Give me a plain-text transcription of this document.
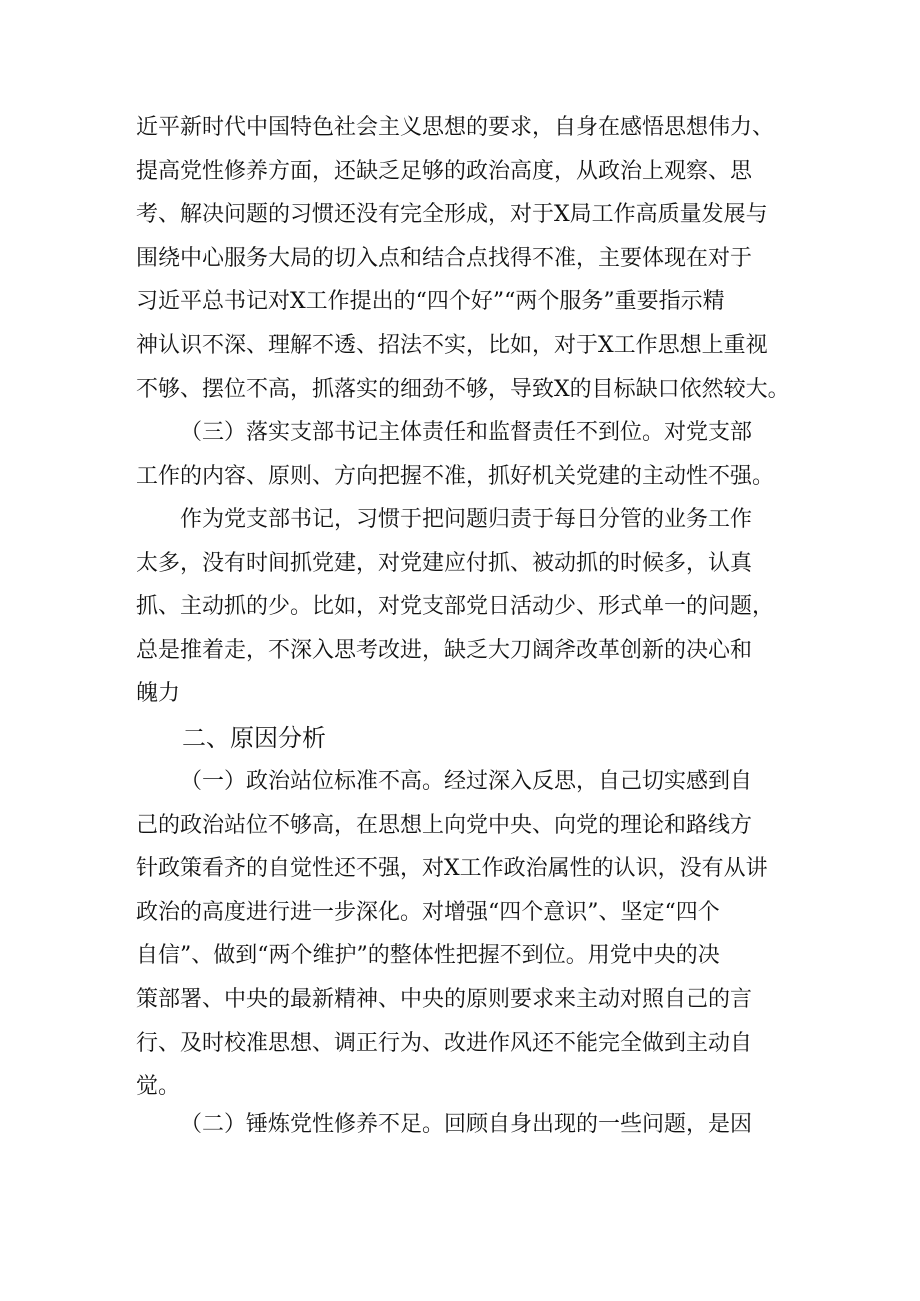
近平新时代中国特色社会主义思想的要求，自身在感悟思想伟力、
提高党性修养方面，还缺乏足够的政治高度，从政治上观察、思
考、解决问题的习惯还没有完全形成，对于X局工作高质量发展与
围绕中心服务大局的切入点和结合点找得不准，主要体现在对于
习近平总书记对X工作提出的“四个好”“两个服务”重要指示精
神认识不深、理解不透、招法不实，比如，对于X工作思想上重视
不够、摆位不高，抓落实的细劲不够，导致X的目标缺口依然较大。
（三）落实支部书记主体责任和监督责任不到位。对党支部
工作的内容、原则、方向把握不准，抓好机关党建的主动性不强。
作为党支部书记，习惯于把问题归责于每日分管的业务工作
太多，没有时间抓党建，对党建应付抓、被动抓的时候多，认真
抓、主动抓的少。比如，对党支部党日活动少、形式单一的问题，
总是推着走，不深入思考改进，缺乏大刀阔斧改革创新的决心和
魄力
二、原因分析
（一）政治站位标准不高。经过深入反思，自己切实感到自
己的政治站位不够高，在思想上向党中央、向党的理论和路线方
针政策看齐的自觉性还不强，对X工作政治属性的认识，没有从讲
政治的高度进行进一步深化。对增强“四个意识”、坚定“四个
自信”、做到“两个维护”的整体性把握不到位。用党中央的决
策部署、中央的最新精神、中央的原则要求来主动对照自己的言
行、及时校准思想、调正行为、改进作风还不能完全做到主动自
觉。
（二）锤炼党性修养不足。回顾自身出现的一些问题，是因
